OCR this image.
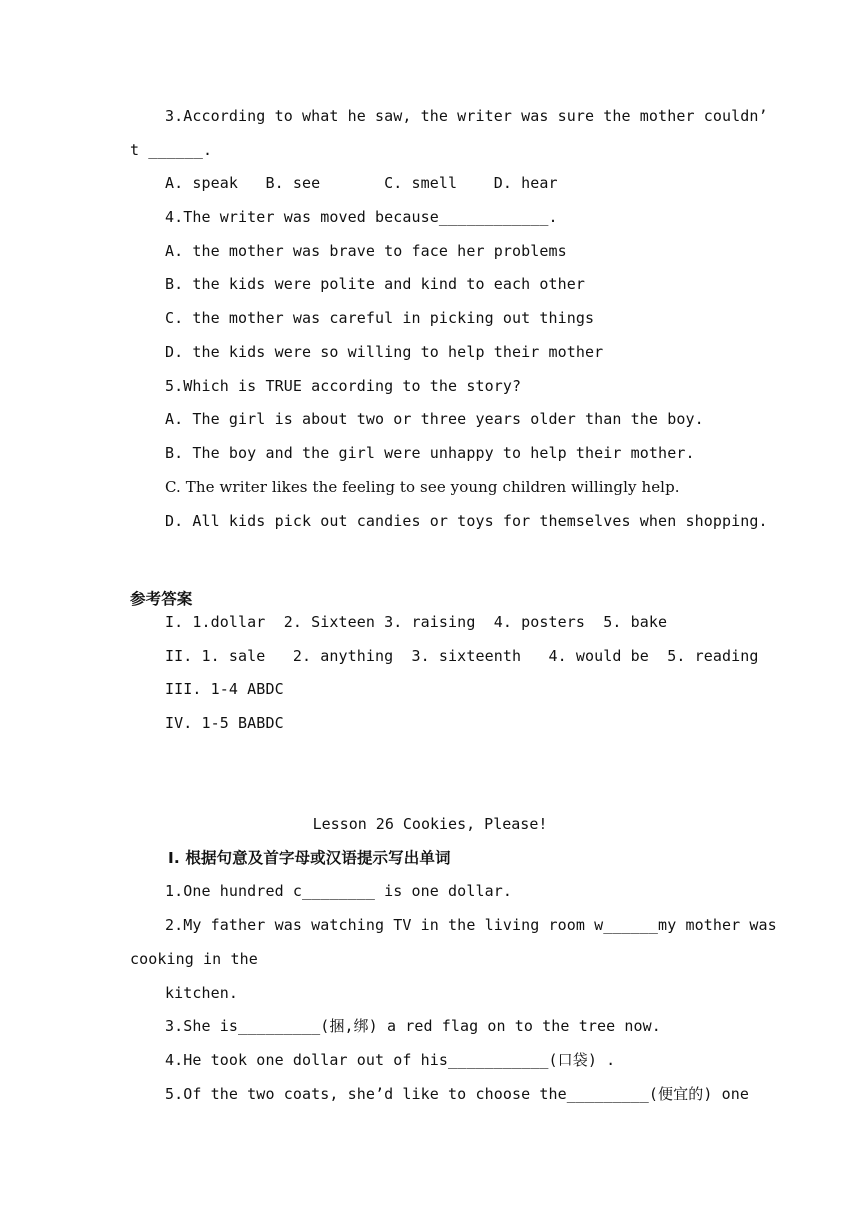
3.According to what he saw, the writer was sure the mother couldn’
t ______.
A. speak   B. see       C. smell    D. hear
4.The writer was moved because____________.
A. the mother was brave to face her problems
B. the kids were polite and kind to each other
C. the mother was careful in picking out things
D. the kids were so willing to help their mother
5.Which is TRUE according to the story?
A. The girl is about two or three years older than the boy.
B. The boy and the girl were unhappy to help their mother.
C. The writer likes the feeling to see young children willingly help.
D. All kids pick out candies or toys for themselves when shopping.
参考答案
I. 1.dollar  2. Sixteen 3. raising  4. posters  5. bake
II. 1. sale   2. anything  3. sixteenth   4. would be  5. reading
III. 1-4 ABDC
IV. 1-5 BABDC
Lesson 26 Cookies, Please!
Ⅰ. 根据句意及首字母或汉语提示写出单词
1.One hundred c________ is one dollar.
2.My father was watching TV in the living room w______my mother was
cooking in the
kitchen.
3.She is_________(捆,绑) a red flag on to the tree now.
4.He took one dollar out of his___________(口袋) .
5.Of the two coats, she’d like to choose the_________(便宜的) one
